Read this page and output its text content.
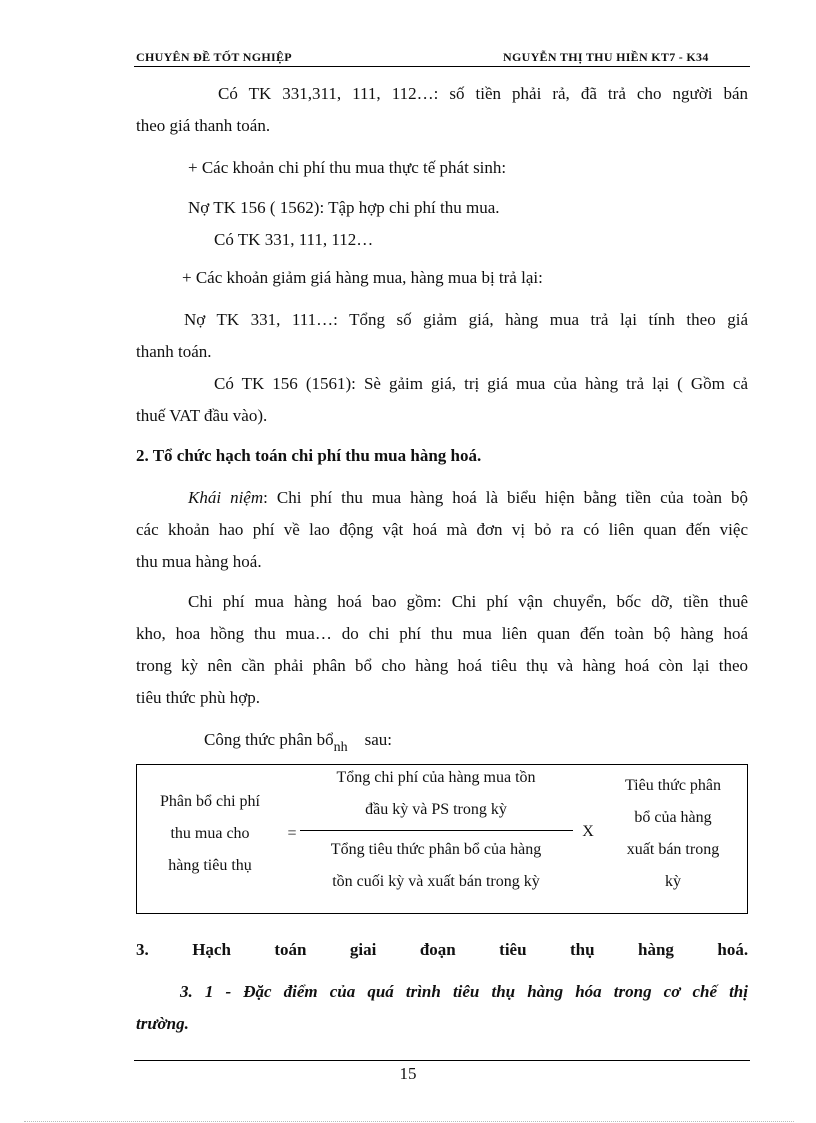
CHUYÊN ĐỀ TỐT NGHIỆP	NGUYỄN THỊ THU HIỀN KT7 - K34
Có TK 331,311, 111, 112…: số tiền phải rả, đã trả cho người bán
theo giá thanh toán.
+ Các khoản chi phí thu mua thực tế phát sinh:
Nợ TK 156 ( 1562): Tập hợp chi phí thu mua.
Có TK 331, 111, 112…
+ Các khoản giảm giá hàng mua, hàng mua bị trả lại:
Nợ TK 331, 111…: Tổng số giảm giá, hàng mua trả lại tính theo giá
thanh toán.
Có TK 156 (1561): Sè gảim giá, trị giá mua của hàng trả lại ( Gồm cả
thuế VAT đầu vào).
2. Tổ chức hạch toán chi phí thu mua hàng hoá.
Khái niệm: Chi phí thu mua hàng hoá là biểu hiện bằng tiền của toàn bộ
các khoản hao phí về lao động vật hoá mà đơn vị bỏ ra có liên quan đến việc
thu mua hàng hoá.
Chi phí mua hàng hoá bao gồm: Chi phí vận chuyển, bốc dỡ, tiền thuê
kho, hoa hồng thu mua… do chi phí thu mua liên quan đến toàn bộ hàng hoá
trong kỳ nên cần phải phân bổ cho hàng hoá tiêu thụ và hàng hoá còn lại theo
tiêu thức phù hợp.
Công thức phân bổ$_{nh}$ sau:
Phân bổ chi phí
thu mua cho
hàng tiêu thụ
=
Tổng chi phí của hàng mua tồn
đầu kỳ và PS trong kỳ
Tổng tiêu thức phân bổ của hàng
tồn cuối kỳ và xuất bán trong kỳ
X
Tiêu thức phân
bổ của hàng
xuất bán trong
kỳ
3.	Hạch	toán	giai	đoạn	tiêu	thụ	hàng	hoá.
3. 1 - Đặc điểm của quá trình tiêu thụ hàng hóa trong cơ chế thị
trường.
15
